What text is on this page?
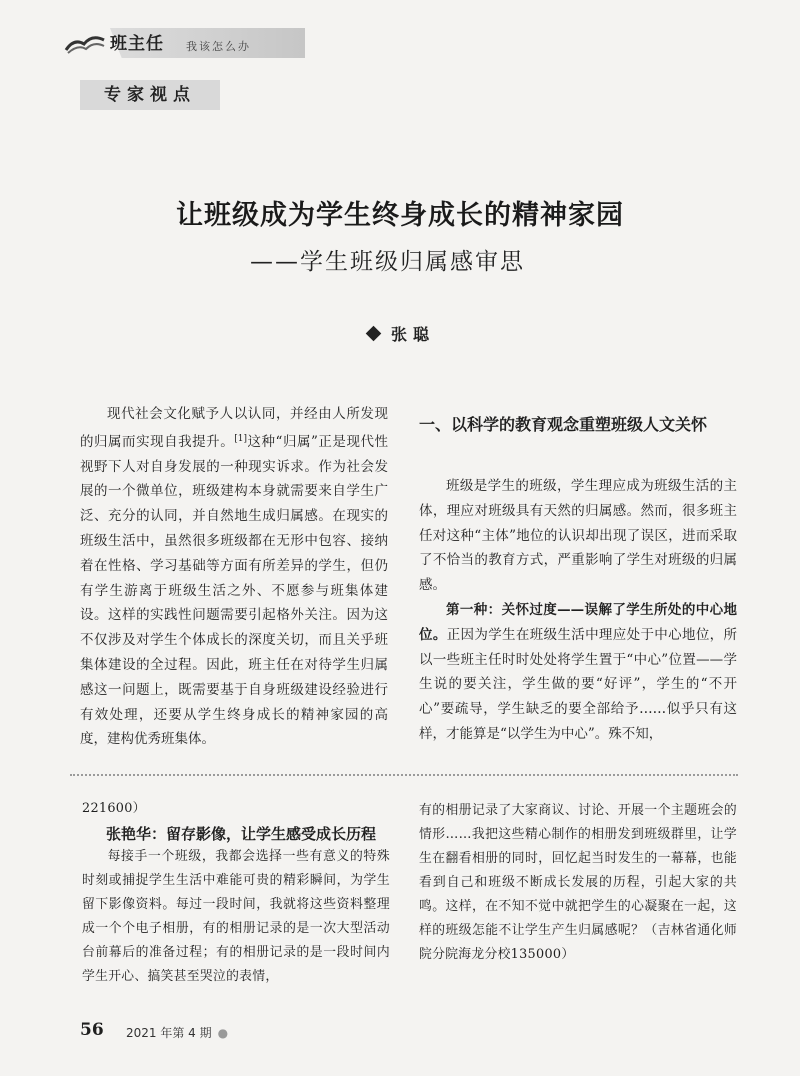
班主任 我该怎么办
专家视点
让班级成为学生终身成长的精神家园
——学生班级归属感审思
张聪

现代社会文化赋予人以认同，并经由人所发现的归属而实现自我提升。[1]这种“归属”正是现代性视野下人对自身发展的一种现实诉求。作为社会发展的一个微单位，班级建构本身就需要来自学生广泛、充分的认同，并自然地生成归属感。在现实的班级生活中，虽然很多班级都在无形中包容、接纳着在性格、学习基础等方面有所差异的学生，但仍有学生游离于班级生活之外、不愿参与班集体建设。这样的实践性问题需要引起格外关注。因为这不仅涉及对学生个体成长的深度关切，而且关乎班集体建设的全过程。因此，班主任在对待学生归属感这一问题上，既需要基于自身班级建设经验进行有效处理，还要从学生终身成长的精神家园的高度，建构优秀班集体。

一、以科学的教育观念重塑班级人文关怀

班级是学生的班级，学生理应成为班级生活的主体，理应对班级具有天然的归属感。然而，很多班主任对这种“主体”地位的认识却出现了误区，进而采取了不恰当的教育方式，严重影响了学生对班级的归属感。

第一种：关怀过度——误解了学生所处的中心地位。正因为学生在班级生活中理应处于中心地位，所以一些班主任时时处处将学生置于“中心”位置——学生说的要关注，学生做的要“好评”，学生的“不开心”要疏导，学生缺乏的要全部给予……似乎只有这样，才能算是“以学生为中心”。殊不知，

221600）

每接手一个班级，我都会选择一些有意义的特殊时刻或捕捉学生生活中难能可贵的精彩瞬间，为学生留下影像资料。每过一段时间，我就将这些资料整理成一个个电子相册，有的相册记录的是一次大型活动台前幕后的准备过程；有的相册记录的是一段时间内学生开心、搞笑甚至哭泣的表情，

张艳华：留存影像，让学生感受成长历程

有的相册记录了大家商议、讨论、开展一个主题班会的情形……我把这些精心制作的相册发到班级群里，让学生在翻看相册的同时，回忆起当时发生的一幕幕，也能看到自己和班级不断成长发展的历程，引起大家的共鸣。这样，在不知不觉中就把学生的心凝聚在一起，这样的班级怎能不让学生产生归属感呢？（吉林省通化师院分院海龙分校135000）

56 2021 年第 4 期 ●
